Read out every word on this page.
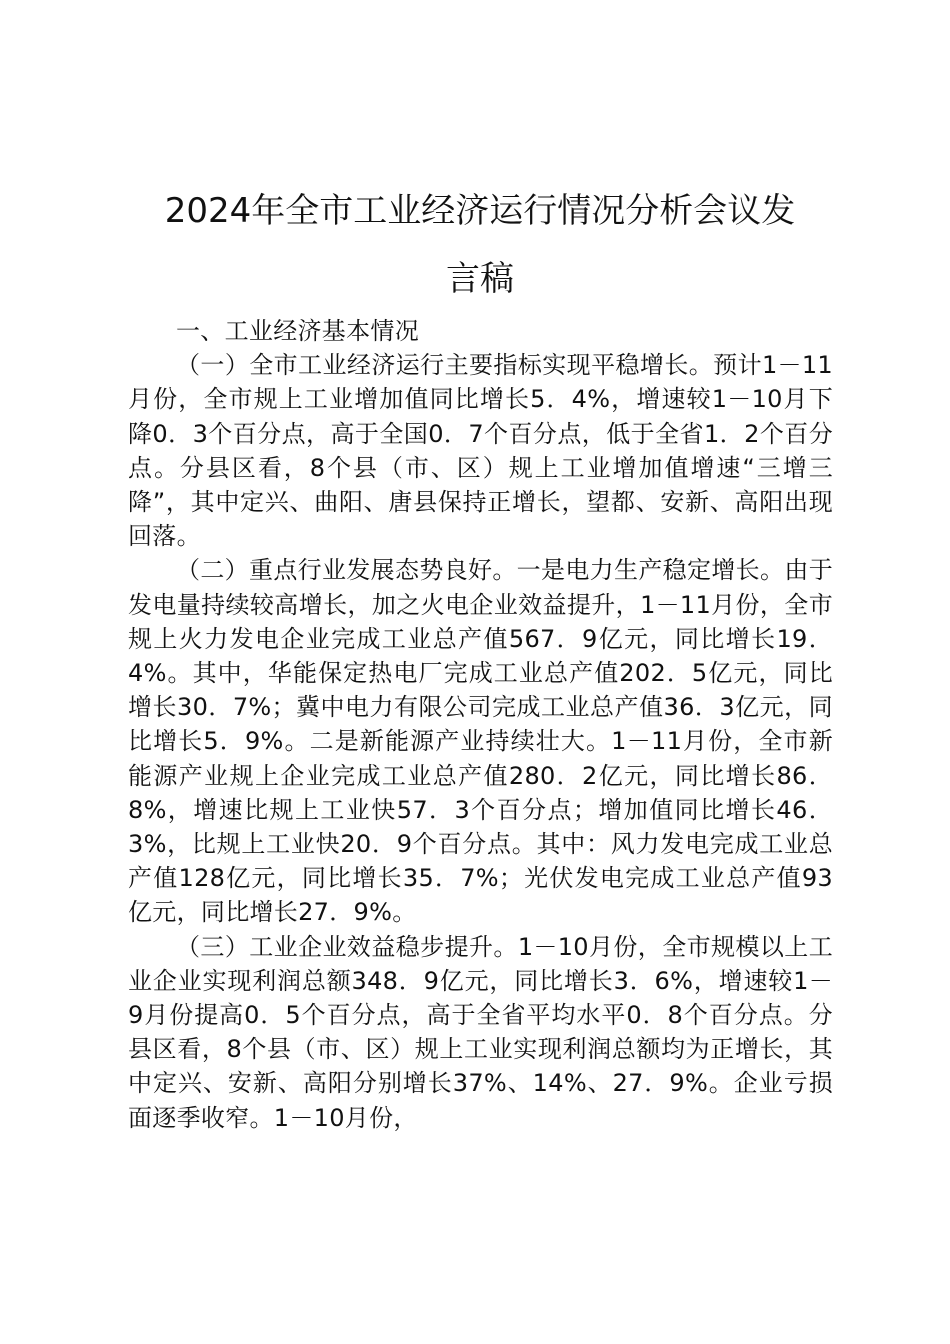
2024年全市工业经济运行情况分析会议发
言稿

一、工业经济基本情况

（一）全市工业经济运行主要指标实现平稳增长。预计1－11月份，全市规上工业增加值同比增长5．4%，增速较1－10月下降0．3个百分点，高于全国0．7个百分点，低于全省1．2个百分点。分县区看，8个县（市、区）规上工业增加值增速“三增三降”，其中定兴、曲阳、唐县保持正增长，望都、安新、高阳出现回落。

（二）重点行业发展态势良好。一是电力生产稳定增长。由于发电量持续较高增长，加之火电企业效益提升，1－11月份，全市规上火力发电企业完成工业总产值567．9亿元，同比增长19．4%。其中，华能保定热电厂完成工业总产值202．5亿元，同比增长30．7%；冀中电力有限公司完成工业总产值36．3亿元，同比增长5．9%。二是新能源产业持续壮大。1－11月份，全市新能源产业规上企业完成工业总产值280．2亿元，同比增长86．8%，增速比规上工业快57．3个百分点；增加值同比增长46．3%，比规上工业快20．9个百分点。其中：风力发电完成工业总产值128亿元，同比增长35．7%；光伏发电完成工业总产值93亿元，同比增长27．9%。

（三）工业企业效益稳步提升。1－10月份，全市规模以上工业企业实现利润总额348．9亿元，同比增长3．6%，增速较1－9月份提高0．5个百分点，高于全省平均水平0．8个百分点。分县区看，8个县（市、区）规上工业实现利润总额均为正增长，其中定兴、安新、高阳分别增长37%、14%、27．9%。企业亏损面逐季收窄。1－10月份，
